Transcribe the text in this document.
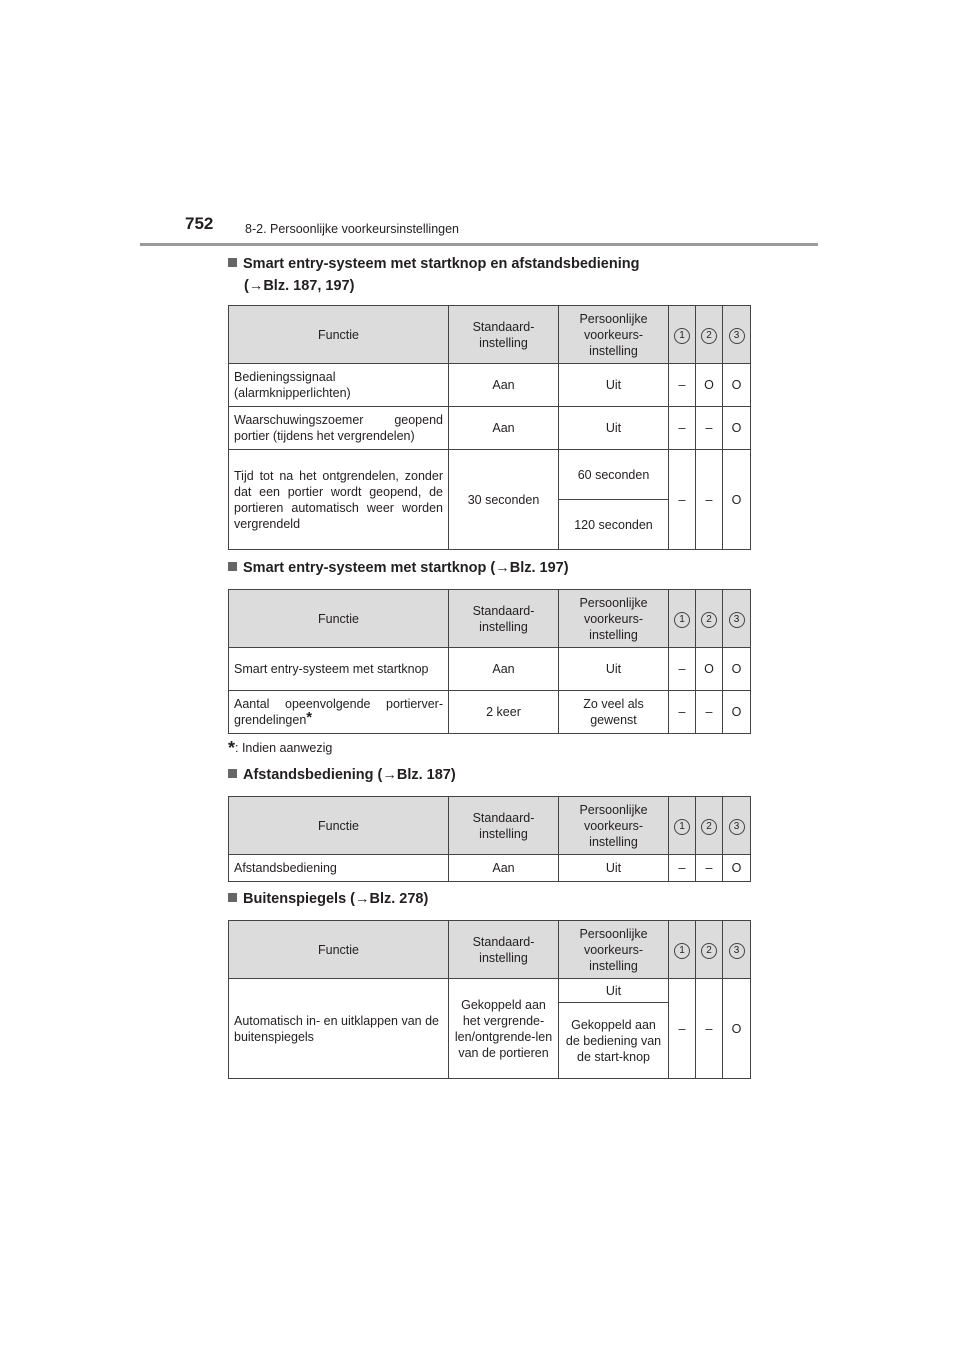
752	8-2. Persoonlijke voorkeursinstellingen
Smart entry-systeem met startknop en afstandsbediening
(→Blz. 187, 197)
Functie	Standaard-instelling	Persoonlijke voorkeurs-instelling	1	2	3
Bedieningssignaal (alarmknipperlichten)	Aan	Uit	–	O	O
Waarschuwingszoemer geopend portier (tijdens het vergrendelen)	Aan	Uit	–	–	O
Tijd tot na het ontgrendelen, zonder dat een portier wordt geopend, de portieren automatisch weer worden vergrendeld	30 seconden	60 seconden	–	–	O
		120 seconden			
Smart entry-systeem met startknop (→Blz. 197)
Functie	Standaard-instelling	Persoonlijke voorkeurs-instelling	1	2	3
Smart entry-systeem met startknop	Aan	Uit	–	O	O
Aantal opeenvolgende portierver-grendelingen*	2 keer	Zo veel als gewenst	–	–	O
*: Indien aanwezig
Afstandsbediening (→Blz. 187)
Functie	Standaard-instelling	Persoonlijke voorkeurs-instelling	1	2	3
Afstandsbediening	Aan	Uit	–	–	O
Buitenspiegels (→Blz. 278)
Functie	Standaard-instelling	Persoonlijke voorkeurs-instelling	1	2	3
Automatisch in- en uitklappen van de buitenspiegels	Gekoppeld aan het vergrende-len/ontgrende-len van de portieren	Uit	–	–	O
		Gekoppeld aan de bediening van de start-knop			
